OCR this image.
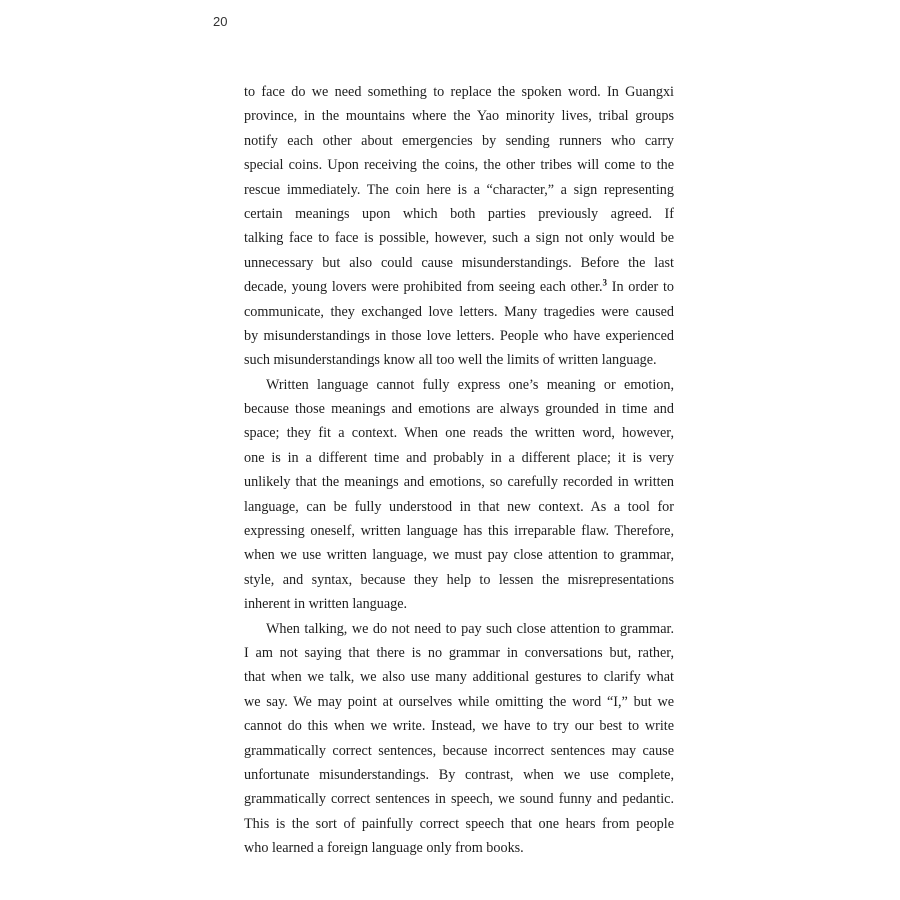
20
to face do we need something to replace the spoken word. In Guangxi
province, in the mountains where the Yao minority lives, tribal groups
notify each other about emergencies by sending runners who carry
special coins. Upon receiving the coins, the other tribes will come to the
rescue immediately. The coin here is a “character,” a sign representing
certain meanings upon which both parties previously agreed. If
talking face to face is possible, however, such a sign not only would be
unnecessary but also could cause misunderstandings. Before the last
decade, young lovers were prohibited from seeing each other.$^3$ In order to
communicate, they exchanged love letters. Many tragedies were caused
by misunderstandings in those love letters. People who have experienced
such misunderstandings know all too well the limits of written language.
Written language cannot fully express one’s meaning or emotion,
because those meanings and emotions are always grounded in time and
space; they fit a context. When one reads the written word, however,
one is in a different time and probably in a different place; it is very
unlikely that the meanings and emotions, so carefully recorded in written
language, can be fully understood in that new context. As a tool for
expressing oneself, written language has this irreparable flaw. Therefore,
when we use written language, we must pay close attention to grammar,
style, and syntax, because they help to lessen the misrepresentations
inherent in written language.
When talking, we do not need to pay such close attention to grammar.
I am not saying that there is no grammar in conversations but, rather,
that when we talk, we also use many additional gestures to clarify what
we say. We may point at ourselves while omitting the word “I,” but we
cannot do this when we write. Instead, we have to try our best to write
grammatically correct sentences, because incorrect sentences may cause
unfortunate misunderstandings. By contrast, when we use complete,
grammatically correct sentences in speech, we sound funny and pedantic.
This is the sort of painfully correct speech that one hears from people
who learned a foreign language only from books.
